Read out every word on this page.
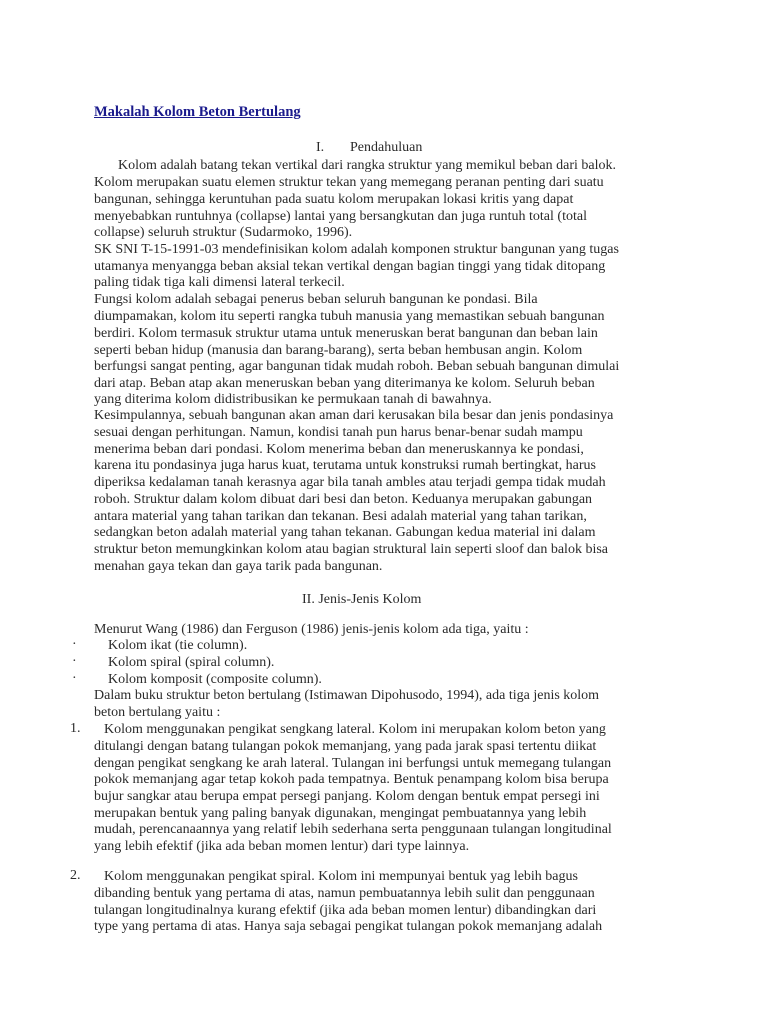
Makalah Kolom Beton Bertulang
I. Pendahuluan
Kolom adalah batang tekan vertikal dari rangka struktur yang memikul beban dari balok.
Kolom merupakan suatu elemen struktur tekan yang memegang peranan penting dari suatu
bangunan, sehingga keruntuhan pada suatu kolom merupakan lokasi kritis yang dapat
menyebabkan runtuhnya (collapse) lantai yang bersangkutan dan juga runtuh total (total
collapse) seluruh struktur (Sudarmoko, 1996).
SK SNI T-15-1991-03 mendefinisikan kolom adalah komponen struktur bangunan yang tugas
utamanya menyangga beban aksial tekan vertikal dengan bagian tinggi yang tidak ditopang
paling tidak tiga kali dimensi lateral terkecil.
Fungsi kolom adalah sebagai penerus beban seluruh bangunan ke pondasi. Bila
diumpamakan, kolom itu seperti rangka tubuh manusia yang memastikan sebuah bangunan
berdiri. Kolom termasuk struktur utama untuk meneruskan berat bangunan dan beban lain
seperti beban hidup (manusia dan barang-barang), serta beban hembusan angin. Kolom
berfungsi sangat penting, agar bangunan tidak mudah roboh. Beban sebuah bangunan dimulai
dari atap. Beban atap akan meneruskan beban yang diterimanya ke kolom. Seluruh beban
yang diterima kolom didistribusikan ke permukaan tanah di bawahnya.
Kesimpulannya, sebuah bangunan akan aman dari kerusakan bila besar dan jenis pondasinya
sesuai dengan perhitungan. Namun, kondisi tanah pun harus benar-benar sudah mampu
menerima beban dari pondasi. Kolom menerima beban dan meneruskannya ke pondasi,
karena itu pondasinya juga harus kuat, terutama untuk konstruksi rumah bertingkat, harus
diperiksa kedalaman tanah kerasnya agar bila tanah ambles atau terjadi gempa tidak mudah
roboh. Struktur dalam kolom dibuat dari besi dan beton. Keduanya merupakan gabungan
antara material yang tahan tarikan dan tekanan. Besi adalah material yang tahan tarikan,
sedangkan beton adalah material yang tahan tekanan. Gabungan kedua material ini dalam
struktur beton memungkinkan kolom atau bagian struktural lain seperti sloof dan balok bisa
menahan gaya tekan dan gaya tarik pada bangunan.
II. Jenis-Jenis Kolom
Menurut Wang (1986) dan Ferguson (1986) jenis-jenis kolom ada tiga, yaitu :
· Kolom ikat (tie column).
· Kolom spiral (spiral column).
· Kolom komposit (composite column).
Dalam buku struktur beton bertulang (Istimawan Dipohusodo, 1994), ada tiga jenis kolom
beton bertulang yaitu :
1. Kolom menggunakan pengikat sengkang lateral. Kolom ini merupakan kolom beton yang
ditulangi dengan batang tulangan pokok memanjang, yang pada jarak spasi tertentu diikat
dengan pengikat sengkang ke arah lateral. Tulangan ini berfungsi untuk memegang tulangan
pokok memanjang agar tetap kokoh pada tempatnya. Bentuk penampang kolom bisa berupa
bujur sangkar atau berupa empat persegi panjang. Kolom dengan bentuk empat persegi ini
merupakan bentuk yang paling banyak digunakan, mengingat pembuatannya yang lebih
mudah, perencanaannya yang relatif lebih sederhana serta penggunaan tulangan longitudinal
yang lebih efektif (jika ada beban momen lentur) dari type lainnya.
2. Kolom menggunakan pengikat spiral. Kolom ini mempunyai bentuk yag lebih bagus
dibanding bentuk yang pertama di atas, namun pembuatannya lebih sulit dan penggunaan
tulangan longitudinalnya kurang efektif (jika ada beban momen lentur) dibandingkan dari
type yang pertama di atas. Hanya saja sebagai pengikat tulangan pokok memanjang adalah
